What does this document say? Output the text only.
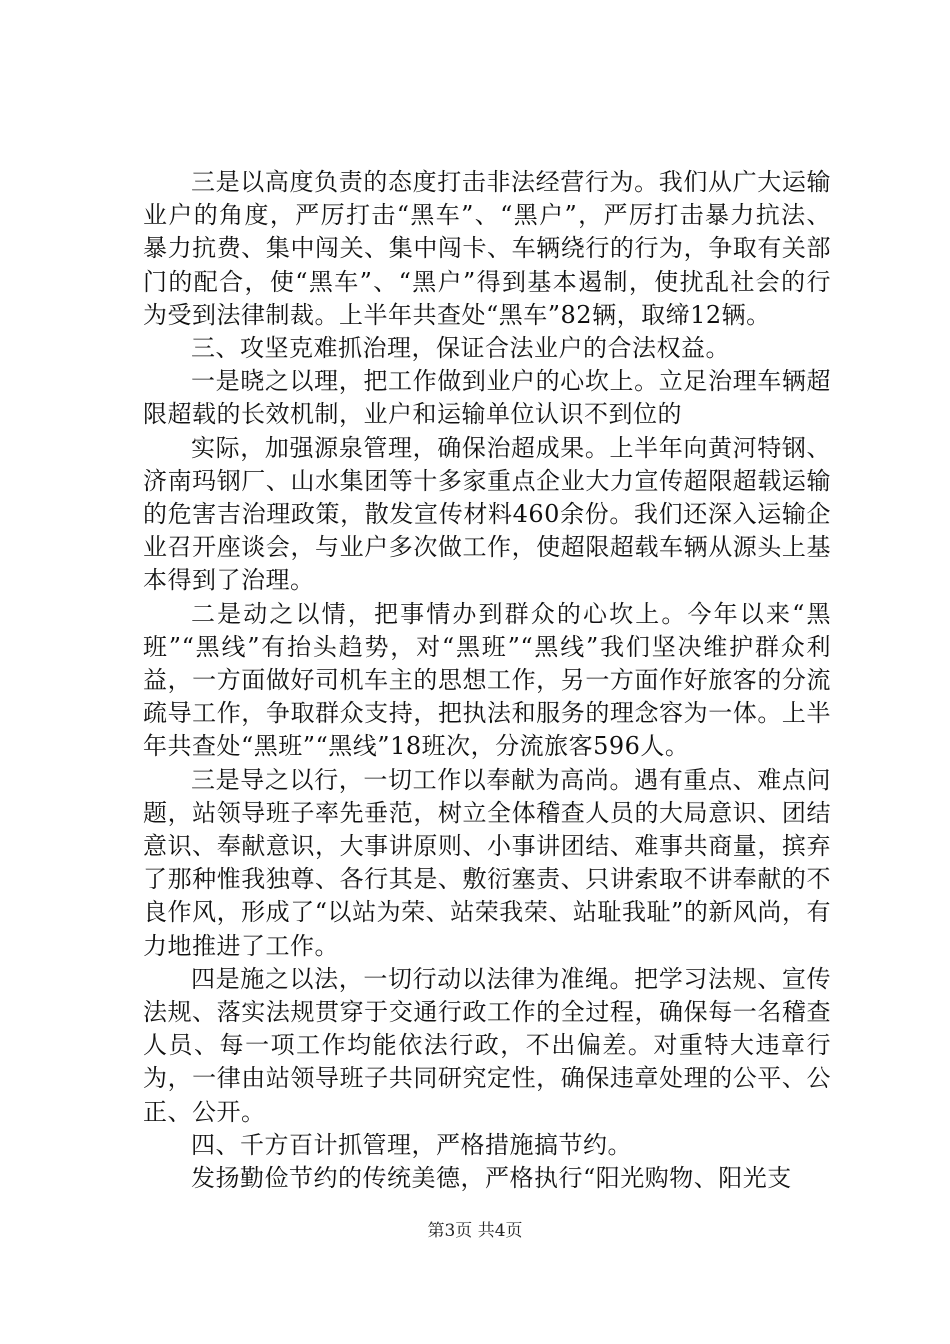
三是以高度负责的态度打击非法经营行为。我们从广大运输业户的角度，严厉打击“黑车”、“黑户”，严厉打击暴力抗法、暴力抗费、集中闯关、集中闯卡、车辆绕行的行为，争取有关部门的配合，使“黑车”、“黑户”得到基本遏制，使扰乱社会的行为受到法律制裁。上半年共查处“黑车”82辆，取缔12辆。

三、攻坚克难抓治理，保证合法业户的合法权益。

一是晓之以理，把工作做到业户的心坎上。立足治理车辆超限超载的长效机制，业户和运输单位认识不到位的

实际，加强源泉管理，确保治超成果。上半年向黄河特钢、济南玛钢厂、山水集团等十多家重点企业大力宣传超限超载运输的危害吉治理政策，散发宣传材料460余份。我们还深入运输企业召开座谈会，与业户多次做工作，使超限超载车辆从源头上基本得到了治理。

二是动之以情，把事情办到群众的心坎上。今年以来“黑班”“黑线”有抬头趋势，对“黑班”“黑线”我们坚决维护群众利益，一方面做好司机车主的思想工作，另一方面作好旅客的分流疏导工作，争取群众支持，把执法和服务的理念容为一体。上半年共查处“黑班”“黑线”18班次，分流旅客596人。

三是导之以行，一切工作以奉献为高尚。遇有重点、难点问题，站领导班子率先垂范，树立全体稽查人员的大局意识、团结意识、奉献意识，大事讲原则、小事讲团结、难事共商量，摈弃了那种惟我独尊、各行其是、敷衍塞责、只讲索取不讲奉献的不良作风，形成了“以站为荣、站荣我荣、站耻我耻”的新风尚，有力地推进了工作。

四是施之以法，一切行动以法律为准绳。把学习法规、宣传法规、落实法规贯穿于交通行政工作的全过程，确保每一名稽查人员、每一项工作均能依法行政，不出偏差。对重特大违章行为，一律由站领导班子共同研究定性，确保违章处理的公平、公正、公开。

四、千方百计抓管理，严格措施搞节约。

发扬勤俭节约的传统美德，严格执行“阳光购物、阳光支

第3页 共4页
